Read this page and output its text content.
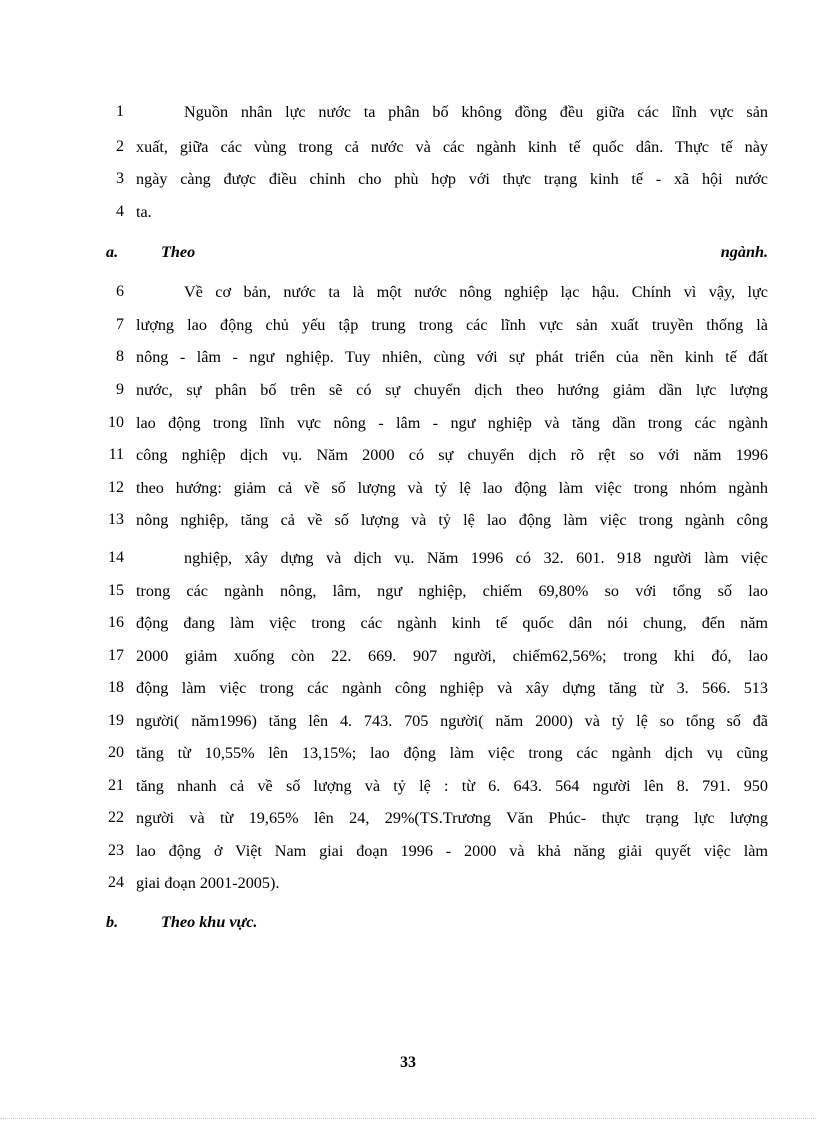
1	Nguồn nhân lực nước ta phân bố không đồng đều giữa các lĩnh vực sản
2 xuất, giữa các vùng trong cả nước và các ngành kinh tế quốc dân. Thực tế này
3 ngày càng được điều chỉnh cho phù hợp với thực trạng kinh tế - xã hội nước
4 ta.
a.	Theo	ngành.
6	Về cơ bản, nước ta là một nước nông nghiệp lạc hậu. Chính vì vậy, lực
7 lượng lao động chủ yếu tập trung trong các lĩnh vực sản xuất truyền thống là
8 nông - lâm - ngư nghiệp. Tuy nhiên, cùng với sự phát triển của nền kinh tế đất
9 nước, sự phân bố trên sẽ có sự chuyển dịch theo hướng giảm dần lực lượng
10 lao động trong lĩnh vực nông - lâm - ngư nghiệp và tăng dần trong các ngành
11 công nghiệp dịch vụ. Năm 2000 có sự chuyển dịch rõ rệt so với năm 1996
12 theo hướng: giảm cả về số lượng và tỷ lệ lao động làm việc trong nhóm ngành
13 nông nghiệp, tăng cả về số lượng và tỷ lệ lao động làm việc trong ngành công
14	nghiệp, xây dựng và dịch vụ. Năm 1996 có 32. 601. 918 người làm việc
15 trong các ngành nông, lâm, ngư nghiệp, chiếm 69,80% so với tổng số lao
16 động đang làm việc trong các ngành kinh tế quốc dân nói chung, đến năm
17 2000 giảm xuống còn 22. 669. 907 người, chiếm62,56%; trong khi đó, lao
18 động làm việc trong các ngành công nghiệp và xây dựng tăng từ 3. 566. 513
19 người( năm1996) tăng lên 4. 743. 705 người( năm 2000) và tỷ lệ so tổng số đã
20 tăng từ 10,55% lên 13,15%; lao động làm việc trong các ngành dịch vụ cũng
21 tăng nhanh cả về số lượng và tỷ lệ : từ 6. 643. 564 người lên 8. 791. 950
22 người và từ 19,65% lên 24, 29%(TS.Trương Văn Phúc- thực trạng lực lượng
23 lao động ở Việt Nam giai đoạn 1996 - 2000 và khả năng giải quyết việc làm
24 giai đoạn 2001-2005).
b.	Theo khu vực.
33
